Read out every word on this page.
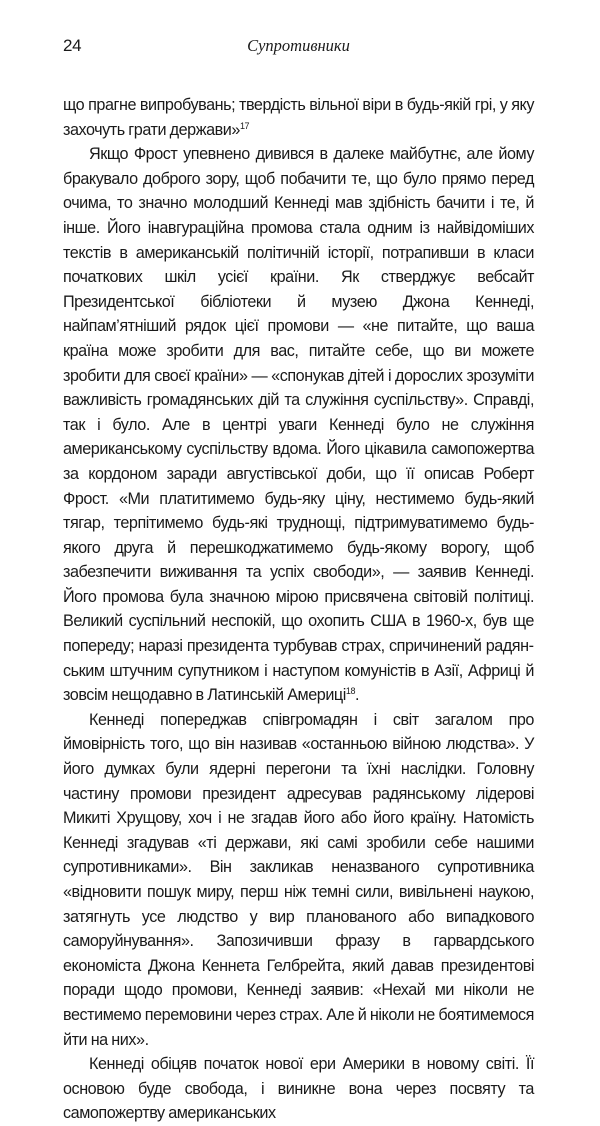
24	Супротивники

що прагне випробувань; твердість вільної віри в будь-якій грі, у яку захочуть грати держави»$^{17}$

Якщо Фрост упевнено дивився в далеке майбутнє, але йому бракувало доброго зору, щоб побачити те, що було прямо перед очима, то значно молодший Кеннеді мав здібність бачити і те, й інше. Його інавгураційна промова стала одним із найвідоміших текстів в американській політичній історії, потрапивши в класи початкових шкіл усієї країни. Як стверджує вебсайт Президентської бібліотеки й музею Джона Кеннеді, найпам’ятніший рядок цієї промови — «не питайте, що ваша країна може зробити для вас, питайте себе, що ви можете зробити для своєї країни» — «спонукав дітей і дорослих зрозуміти важливість громадянських дій та служіння суспільству». Справді, так і було. Але в центрі уваги Кеннеді було не служіння американському суспільству вдома. Його цікавила самопожертва за кордоном заради августівської доби, що її описав Роберт Фрост. «Ми платитимемо будь-яку ціну, нестимемо будь-який тягар, терпітимемо будь-які труднощі, підтримуватимемо будь-якого друга й перешкоджатимемо будь-якому ворогу, щоб забезпечити виживання та успіх свободи», — заявив Кеннеді. Його промова була значною мірою присвячена світовій політиці. Великий суспільний неспокій, що охопить США в 1960-х, був ще попереду; наразі президента турбував страх, спричинений радянським штучним супутником і наступом комуністів в Азії, Африці й зовсім нещодавно в Латинській Америці$^{18}$.

Кеннеді попереджав співгромадян і світ загалом про ймовірність того, що він називав «останньою війною людства». У його думках були ядерні перегони та їхні наслідки. Головну частину промови президент адресував радянському лідерові Микиті Хрущову, хоч і не згадав його або його країну. Натомість Кеннеді згадував «ті держави, які самі зробили себе нашими супротивниками». Він закликав неназваного супротивника «відновити пошук миру, перш ніж темні сили, вивільнені наукою, затягнуть усе людство у вир планованого або випадкового саморуйнування». Запозичивши фразу в гарвардського економіста Джона Кеннета Гелбрейта, який давав президентові поради щодо промови, Кеннеді заявив: «Нехай ми ніколи не вестимемо перемовини через страх. Але й ніколи не боятимемося йти на них».

Кеннеді обіцяв початок нової ери Америки в новому світі. Її основою буде свобода, і виникне вона через посвяту та самопожертву американських
